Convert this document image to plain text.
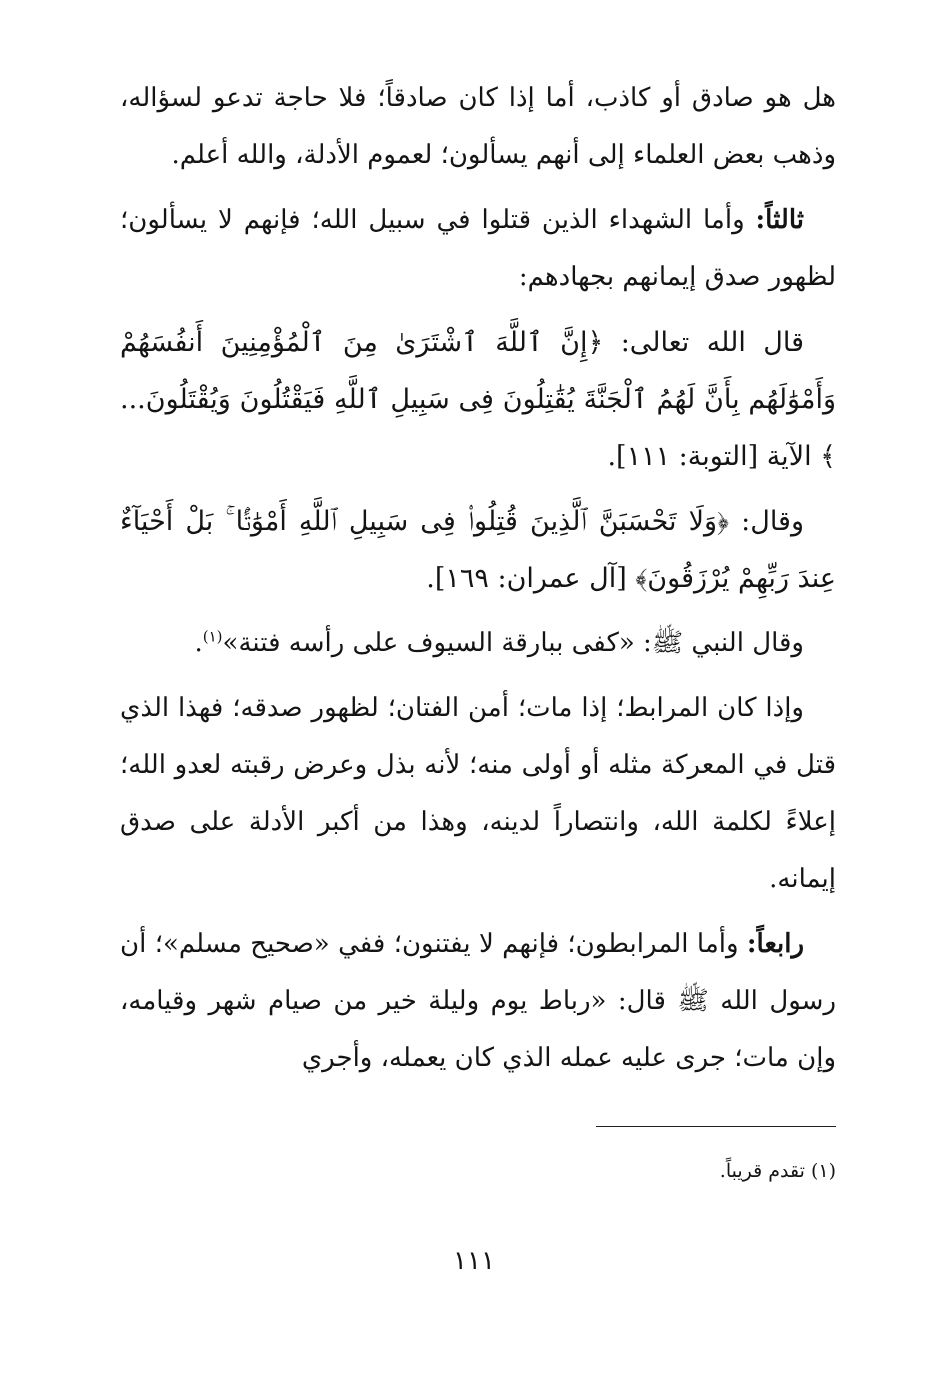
هل هو صادق أو كاذب، أما إذا كان صادقاً؛ فلا حاجة تدعو لسؤاله، وذهب بعض العلماء إلى أنهم يسألون؛ لعموم الأدلة، والله أعلم.

ثالثاً: وأما الشهداء الذين قتلوا في سبيل الله؛ فإنهم لا يسألون؛ لظهور صدق إيمانهم بجهادهم:

قال الله تعالى: ﴿إِنَّ ٱللَّهَ ٱشْتَرَىٰ مِنَ ٱلْمُؤْمِنِينَ أَنفُسَهُمْ وَأَمْوَٰلَهُم بِأَنَّ لَهُمُ ٱلْجَنَّةَ يُقَٰتِلُونَ فِى سَبِيلِ ٱللَّهِ فَيَقْتُلُونَ وَيُقْتَلُونَ... ﴾ الآية [التوبة: ١١١].

وقال: ﴿وَلَا تَحْسَبَنَّ ٱلَّذِينَ قُتِلُوا۟ فِى سَبِيلِ ٱللَّهِ أَمْوَٰتًۢا ۚ بَلْ أَحْيَآءٌ عِندَ رَبِّهِمْ يُرْزَقُونَ﴾ [آل عمران: ١٦٩].

وقال النبي ﷺ: «كفى ببارقة السيوف على رأسه فتنة»$^{(١)}$.

وإذا كان المرابط؛ إذا مات؛ أمن الفتان؛ لظهور صدقه؛ فهذا الذي قتل في المعركة مثله أو أولى منه؛ لأنه بذل وعرض رقبته لعدو الله؛ إعلاءً لكلمة الله، وانتصاراً لدينه، وهذا من أكبر الأدلة على صدق إيمانه.

رابعاً: وأما المرابطون؛ فإنهم لا يفتنون؛ ففي «صحيح مسلم»؛ أن رسول الله ﷺ قال: «رباط يوم وليلة خير من صيام شهر وقيامه، وإن مات؛ جرى عليه عمله الذي كان يعمله، وأجري

(١) تقدم قريباً.
١١١
